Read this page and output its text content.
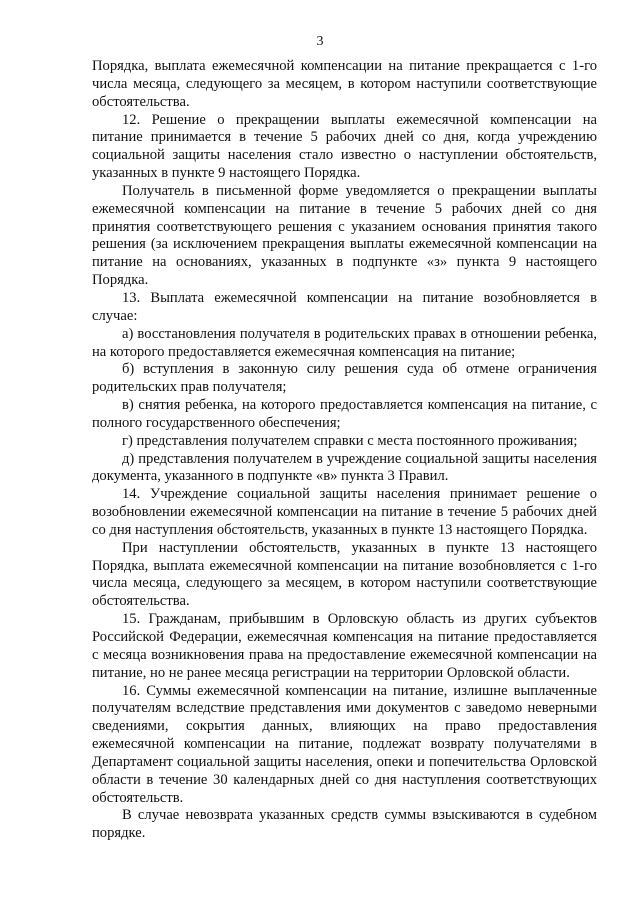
3

Порядка, выплата ежемесячной компенсации на питание прекращается с 1-го числа месяца, следующего за месяцем, в котором наступили соответствующие обстоятельства.

12. Решение о прекращении выплаты ежемесячной компенсации на питание принимается в течение 5 рабочих дней со дня, когда учреждению социальной защиты населения стало известно о наступлении обстоятельств, указанных в пункте 9 настоящего Порядка.

Получатель в письменной форме уведомляется о прекращении выплаты ежемесячной компенсации на питание в течение 5 рабочих дней со дня принятия соответствующего решения с указанием основания принятия такого решения (за исключением прекращения выплаты ежемесячной компенсации на питание на основаниях, указанных в подпункте «з» пункта 9 настоящего Порядка.

13. Выплата ежемесячной компенсации на питание возобновляется в случае:

а) восстановления получателя в родительских правах в отношении ребенка, на которого предоставляется ежемесячная компенсация на питание;

б) вступления в законную силу решения суда об отмене ограничения родительских прав получателя;

в) снятия ребенка, на которого предоставляется компенсация на питание, с полного государственного обеспечения;

г) представления получателем справки с места постоянного проживания;

д) представления получателем в учреждение социальной защиты населения документа, указанного в подпункте «в» пункта 3 Правил.

14. Учреждение социальной защиты населения принимает решение о возобновлении ежемесячной компенсации на питание в течение 5 рабочих дней со дня наступления обстоятельств, указанных в пункте 13 настоящего Порядка.

При наступлении обстоятельств, указанных в пункте 13 настоящего Порядка, выплата ежемесячной компенсации на питание возобновляется с 1-го числа месяца, следующего за месяцем, в котором наступили соответствующие обстоятельства.

15. Гражданам, прибывшим в Орловскую область из других субъектов Российской Федерации, ежемесячная компенсация на питание предоставляется с месяца возникновения права на предоставление ежемесячной компенсации на питание, но не ранее месяца регистрации на территории Орловской области.

16. Суммы ежемесячной компенсации на питание, излишне выплаченные получателям вследствие представления ими документов с заведомо неверными сведениями, сокрытия данных, влияющих на право предоставления ежемесячной компенсации на питание, подлежат возврату получателями в Департамент социальной защиты населения, опеки и попечительства Орловской области в течение 30 календарных дней со дня наступления соответствующих обстоятельств.

В случае невозврата указанных средств суммы взыскиваются в судебном порядке.
